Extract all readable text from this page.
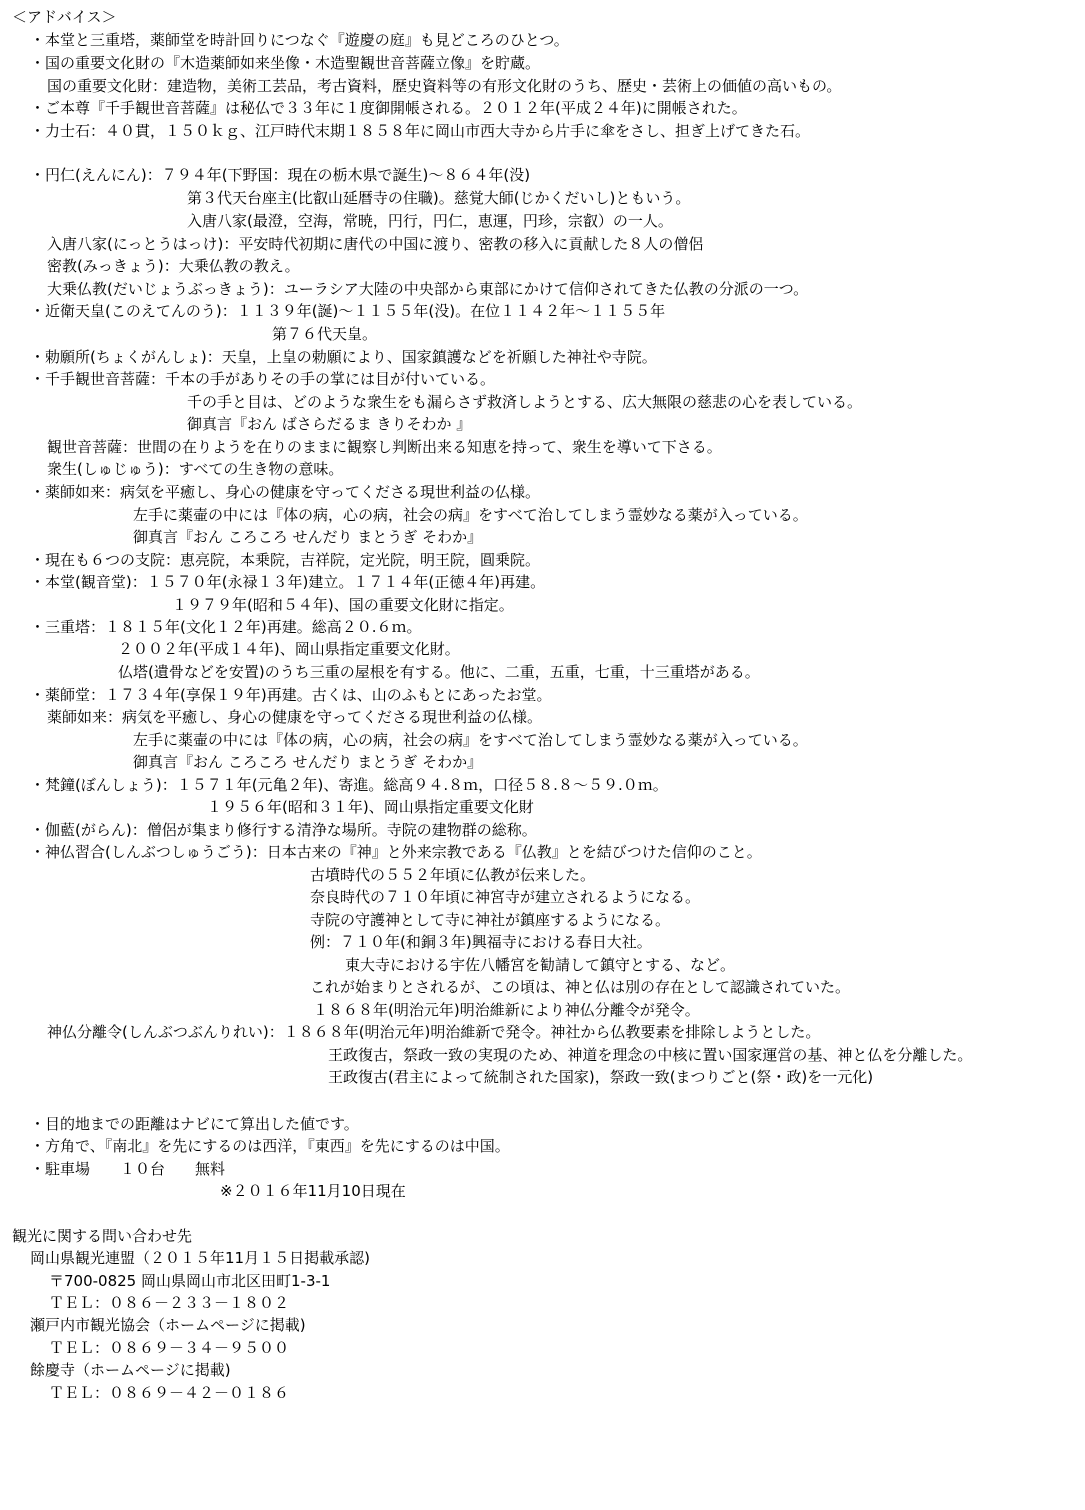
＜アドバイス＞
・本堂と三重塔，薬師堂を時計回りにつなぐ『遊慶の庭』も見どころのひとつ。
・国の重要文化財の『木造薬師如来坐像・木造聖観世音菩薩立像』を貯蔵。
国の重要文化財：建造物，美術工芸品，考古資料，歴史資料等の有形文化財のうち、歴史・芸術上の価値の高いもの。
・ご本尊『千手観世音菩薩』は秘仏で３３年に１度御開帳される。２０１２年(平成２４年)に開帳された。
・力士石：４０貫，１５０ｋｇ、江戸時代末期１８５８年に岡山市西大寺から片手に傘をさし、担ぎ上げてきた石。
・円仁(えんにん)：７９４年(下野国：現在の栃木県で誕生)～８６４年(没)
第３代天台座主(比叡山延暦寺の住職)。慈覚大師(じかくだいし)ともいう。
入唐八家(最澄，空海，常暁，円行，円仁，恵運，円珍，宗叡）の一人。
入唐八家(にっとうはっけ)：平安時代初期に唐代の中国に渡り、密教の移入に貢献した８人の僧侶
密教(みっきょう)：大乗仏教の教え。
大乗仏教(だいじょうぶっきょう)：ユーラシア大陸の中央部から東部にかけて信仰されてきた仏教の分派の一つ。
・近衛天皇(このえてんのう)：１１３９年(誕)～１１５５年(没)。在位１１４２年～１１５５年
第７６代天皇。
・勅願所(ちょくがんしょ)：天皇，上皇の勅願により、国家鎮護などを祈願した神社や寺院。
・千手観世音菩薩：千本の手がありその手の掌には目が付いている。
千の手と目は、どのような衆生をも漏らさず救済しようとする、広大無限の慈悲の心を表している。
御真言『おん ばさらだるま きりそわか 』
観世音菩薩：世間の在りようを在りのままに観察し判断出来る知恵を持って、衆生を導いて下さる。
衆生(しゅじゅう)：すべての生き物の意味。
・薬師如来：病気を平癒し、身心の健康を守ってくださる現世利益の仏様。
左手に薬壷の中には『体の病，心の病，社会の病』をすべて治してしまう霊妙なる薬が入っている。
御真言『おん ころころ せんだり まとうぎ そわか』
・現在も６つの支院：恵亮院，本乗院，吉祥院，定光院，明王院，圓乗院。
・本堂(観音堂)：１５７０年(永禄１３年)建立。１７１４年(正徳４年)再建。
１９７９年(昭和５４年)、国の重要文化財に指定。
・三重塔：１８１５年(文化１２年)再建。総高２０.６ｍ。
２００２年(平成１４年)、岡山県指定重要文化財。
仏塔(遺骨などを安置)のうち三重の屋根を有する。他に、二重，五重，七重，十三重塔がある。
・薬師堂：１７３４年(享保１９年)再建。古くは、山のふもとにあったお堂。
薬師如来：病気を平癒し、身心の健康を守ってくださる現世利益の仏様。
左手に薬壷の中には『体の病，心の病，社会の病』をすべて治してしまう霊妙なる薬が入っている。
御真言『おん ころころ せんだり まとうぎ そわか』
・梵鐘(ぼんしょう)：１５７１年(元亀２年)、寄進。総高９４.８ｍ，口径５８.８～５９.０ｍ。
１９５６年(昭和３１年)、岡山県指定重要文化財
・伽藍(がらん)：僧侶が集まり修行する清浄な場所。寺院の建物群の総称。
・神仏習合(しんぶつしゅうごう)：日本古来の『神』と外来宗教である『仏教』とを結びつけた信仰のこと。
古墳時代の５５２年頃に仏教が伝来した。
奈良時代の７１０年頃に神宮寺が建立されるようになる。
寺院の守護神として寺に神社が鎮座するようになる。
例：７１０年(和銅３年)興福寺における春日大社。
東大寺における宇佐八幡宮を勧請して鎮守とする、など。
これが始まりとされるが、この頃は、神と仏は別の存在として認識されていた。
１８６８年(明治元年)明治維新により神仏分離令が発令。
神仏分離令(しんぶつぶんりれい)：１８６８年(明治元年)明治維新で発令。神社から仏教要素を排除しようとした。
王政復古，祭政一致の実現のため、神道を理念の中核に置い国家運営の基、神と仏を分離した。
王政復古(君主によって統制された国家)，祭政一致(まつりごと(祭・政)を一元化)
・目的地までの距離はナビにて算出した値です。
・方角で、『南北』を先にするのは西洋，『東西』を先にするのは中国。
・駐車場　　１０台　　無料
※２０１６年11月10日現在
観光に関する問い合わせ先
岡山県観光連盟（２０１５年11月１５日掲載承認)
〒700-0825 岡山県岡山市北区田町1-3-1
ＴＥＬ：０８６－２３３－１８０２
瀬戸内市観光協会（ホームページに掲載)
ＴＥＬ：０８６９－３４－９５００
餘慶寺（ホームページに掲載)
ＴＥＬ：０８６９－４２－０１８６
